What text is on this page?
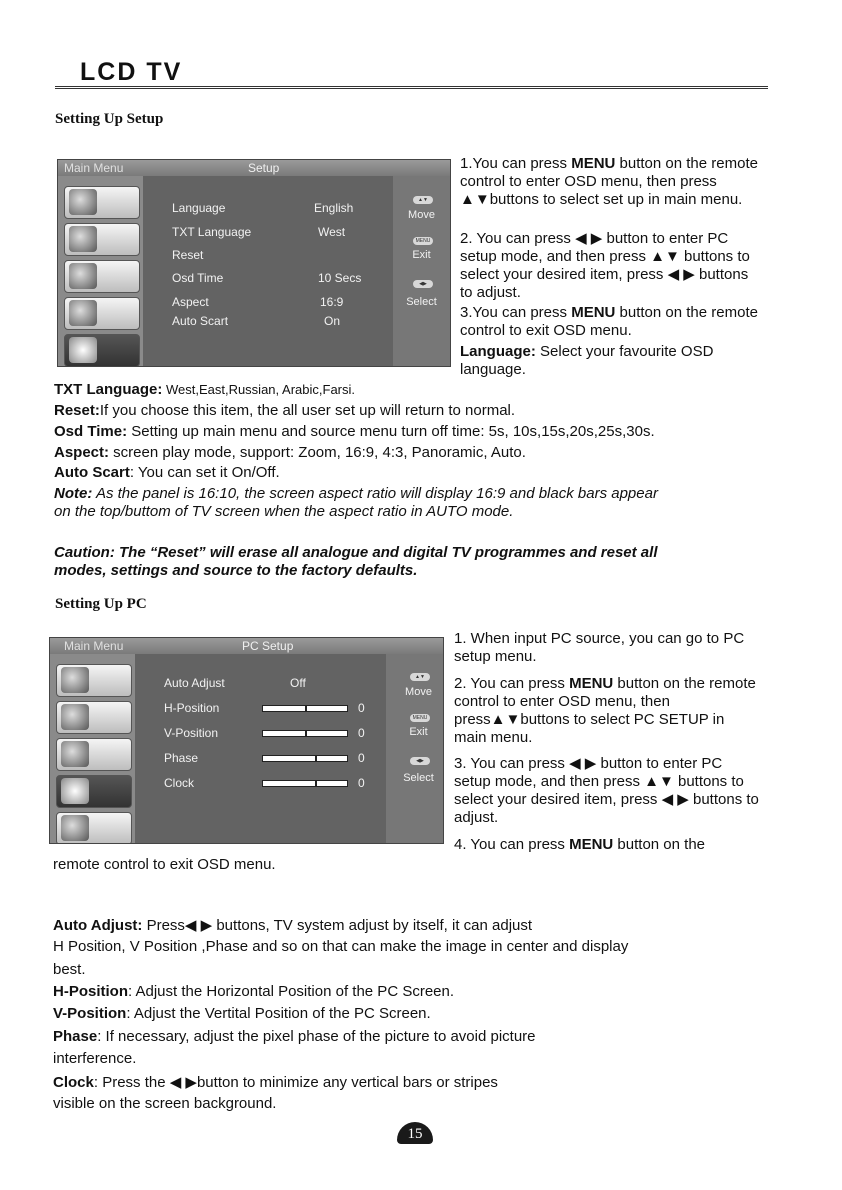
LCD TV
Setting Up Setup
Main Menu	Setup
Language	English
TXT Language	West
Reset
Osd Time	10 Secs
Aspect	16:9
Auto Scart	On
▲▼
Move
MENU
Exit
◀▶
Select
1.You can press MENU button on the remote control to enter OSD menu, then press ▲▼buttons to select set up in main menu.
2. You can press ◀ ▶ button to enter PC setup mode, and then press ▲▼ buttons to select your desired item, press ◀ ▶ buttons to adjust.
3.You can press MENU button on the remote control to exit OSD menu.
Language: Select your favourite OSD language.
TXT Language: West,East,Russian, Arabic,Farsi.
Reset:If you choose this item, the all user set up will return to normal.
Osd Time: Setting up main menu and source menu turn off time: 5s, 10s,15s,20s,25s,30s.
Aspect: screen play mode, support: Zoom, 16:9, 4:3, Panoramic, Auto.
Auto Scart: You can set it On/Off.
Note: As the panel is 16:10, the screen aspect ratio will display 16:9 and black bars appear
on the top/buttom of TV screen when the aspect ratio in AUTO mode.
Caution: The “Reset” will erase all analogue and digital TV programmes and reset all
modes, settings and source to the factory defaults.
Setting Up PC
Main Menu	PC Setup
Auto Adjust	Off
H-Position	0
V-Position	0
Phase	0
Clock	0
▲▼
Move
MENU
Exit
◀▶
Select
1. When input PC source, you can go to PC setup menu.
2. You can press MENU button on the remote control to enter OSD menu, then press▲▼buttons to select PC SETUP in main menu.
3. You can press ◀ ▶ button to enter PC setup mode, and then press ▲▼ buttons to select your desired item, press ◀ ▶ buttons to adjust.
4. You can press MENU button on the
remote control to exit OSD menu.
Auto Adjust: Press◀ ▶ buttons, TV system adjust by itself, it can adjust
H Position, V Position ,Phase and so on that can make the image in center and display
best.
H-Position: Adjust the Horizontal Position of the PC Screen.
V-Position: Adjust the Vertital Position of the PC Screen.
Phase: If necessary, adjust the pixel phase of the picture to avoid picture
interference.
Clock: Press the ◀ ▶button to minimize any vertical bars or stripes
visible on the screen background.
15
